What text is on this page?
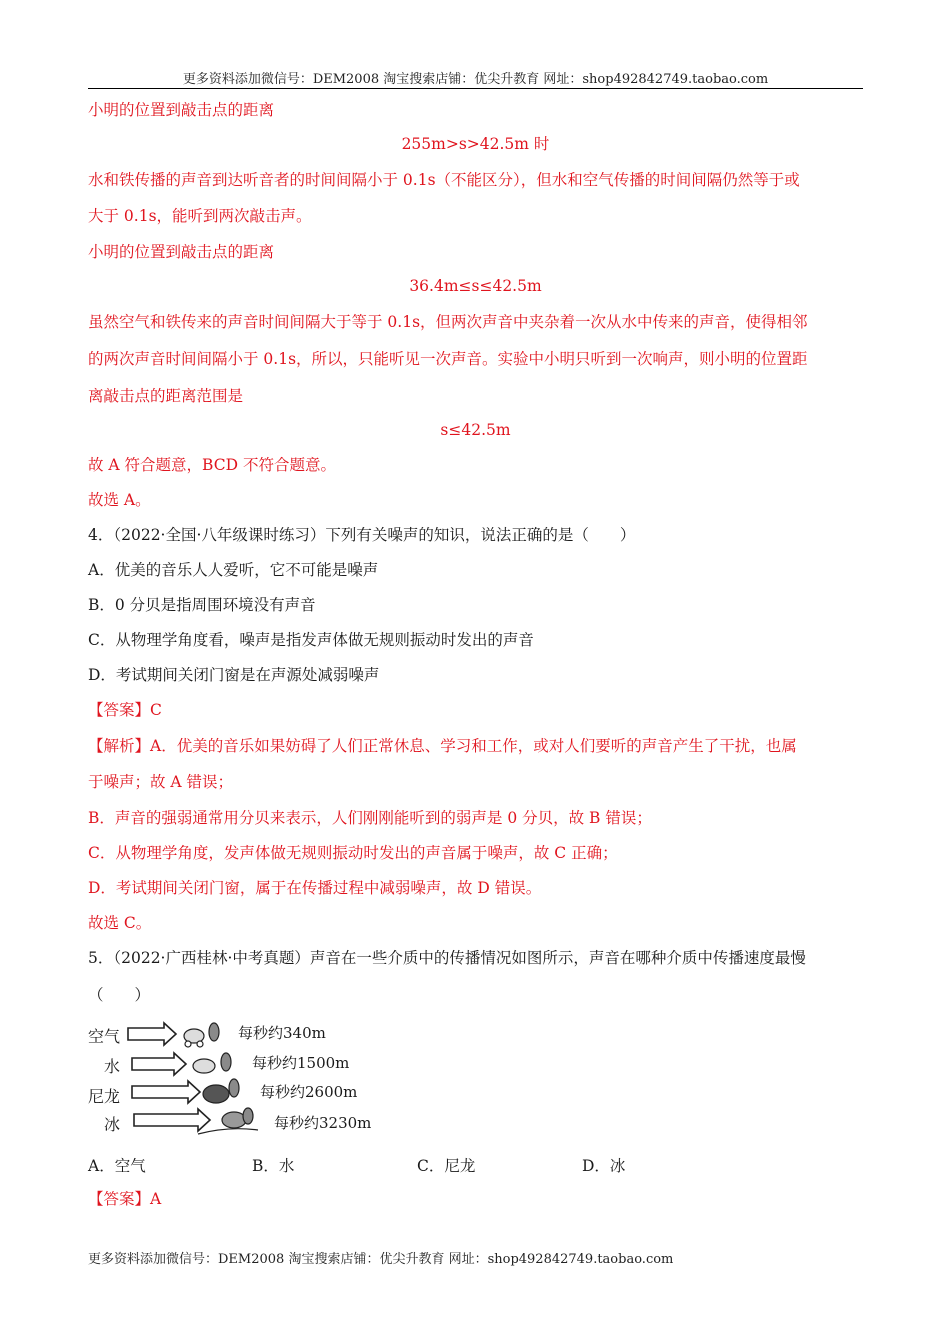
更多资料添加微信号：DEM2008 淘宝搜索店铺：优尖升教育 网址：shop492842749.taobao.com
小明的位置到敲击点的距离
255m>s>42.5m 时
水和铁传播的声音到达听音者的时间间隔小于 0.1s（不能区分），但水和空气传播的时间间隔仍然等于或
大于 0.1s，能听到两次敲击声。
小明的位置到敲击点的距离
36.4m≤s≤42.5m
虽然空气和铁传来的声音时间间隔大于等于 0.1s，但两次声音中夹杂着一次从水中传来的声音，使得相邻
的两次声音时间间隔小于 0.1s，所以，只能听见一次声音。实验中小明只听到一次响声，则小明的位置距
离敲击点的距离范围是
s≤42.5m
故 A 符合题意，BCD 不符合题意。
故选 A。
4．（2022·全国·八年级课时练习）下列有关噪声的知识，说法正确的是（　　）
A．优美的音乐人人爱听，它不可能是噪声
B．0 分贝是指周围环境没有声音
C．从物理学角度看，噪声是指发声体做无规则振动时发出的声音
D．考试期间关闭门窗是在声源处减弱噪声
【答案】C
【解析】A．优美的音乐如果妨碍了人们正常休息、学习和工作，或对人们要听的声音产生了干扰，也属
于噪声；故 A 错误；
B．声音的强弱通常用分贝来表示，人们刚刚能听到的弱声是 0 分贝，故 B 错误；
C．从物理学角度，发声体做无规则振动时发出的声音属于噪声，故 C 正确；
D．考试期间关闭门窗，属于在传播过程中减弱噪声，故 D 错误。
故选 C。
5．（2022·广西桂林·中考真题）声音在一些介质中的传播情况如图所示，声音在哪种介质中传播速度最慢
（　　）
空气
水
尼龙
冰
每秒约340m
每秒约1500m
每秒约2600m
每秒约3230m
A．空气	B．水	C．尼龙	D．冰
【答案】A
更多资料添加微信号：DEM2008 淘宝搜索店铺：优尖升教育 网址：shop492842749.taobao.com
